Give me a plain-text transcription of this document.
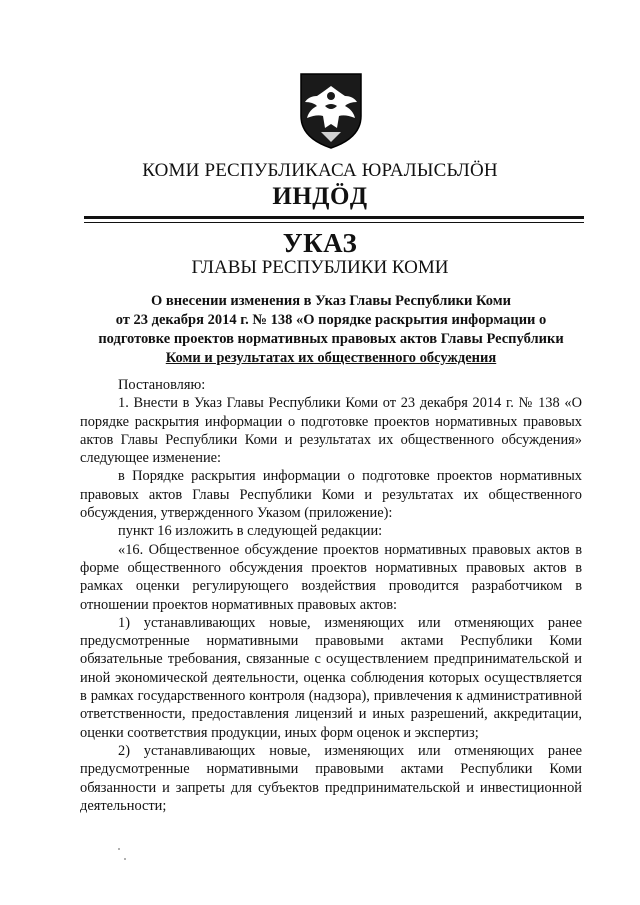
КОМИ РЕСПУБЛИКАСА ЮРАЛЫСЬЛÖН
ИНДÖД
УКАЗ
ГЛАВЫ РЕСПУБЛИКИ КОМИ
О внесении изменения в Указ Главы Республики Коми
от 23 декабря 2014 г. № 138 «О порядке раскрытия информации о
подготовке проектов нормативных правовых актов Главы Республики
Коми и результатах их общественного обсуждения

Постановляю:

1. Внести в Указ Главы Республики Коми от 23 декабря 2014 г. № 138 «О порядке раскрытия информации о подготовке проектов нормативных правовых актов Главы Республики Коми и результатах их общественного обсуждения» следующее изменение:

в Порядке раскрытия информации о подготовке проектов нормативных правовых актов Главы Республики Коми и результатах их общественного обсуждения, утвержденного Указом (приложение):

пункт 16 изложить в следующей редакции:

«16. Общественное обсуждение проектов нормативных правовых актов в форме общественного обсуждения проектов нормативных правовых актов в рамках оценки регулирующего воздействия проводится разработчиком в отношении проектов нормативных правовых актов:

1) устанавливающих новые, изменяющих или отменяющих ранее предусмотренные нормативными правовыми актами Республики Коми обязательные требования, связанные с осуществлением предпринимательской и иной экономической деятельности, оценка соблюдения которых осуществляется в рамках государственного контроля (надзора), привлечения к административной ответственности, предоставления лицензий и иных разрешений, аккредитации, оценки соответствия продукции, иных форм оценок и экспертиз;

2) устанавливающих новые, изменяющих или отменяющих ранее предусмотренные нормативными правовыми актами Республики Коми обязанности и запреты для субъектов предпринимательской и инвестиционной деятельности;
